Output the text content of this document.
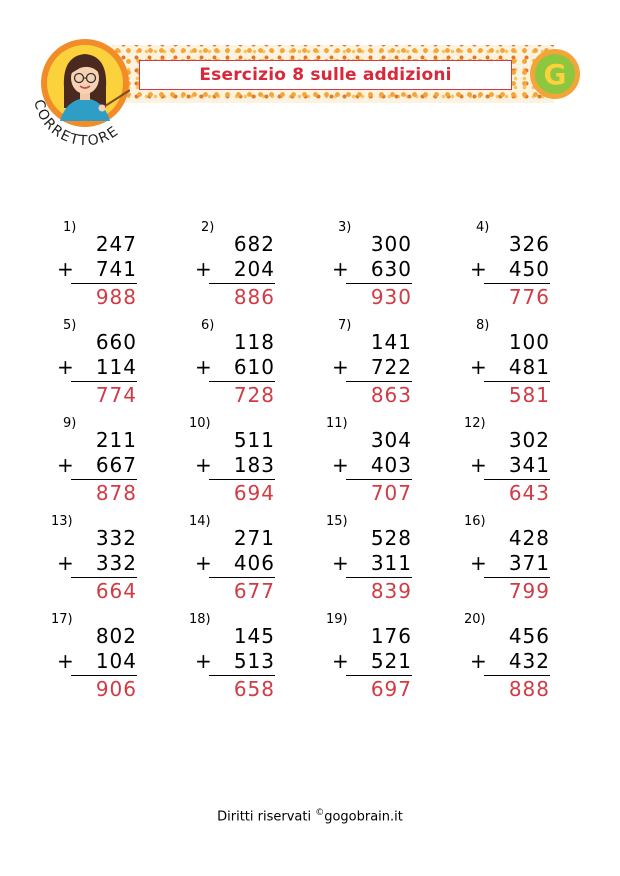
Esercizio 8 sulle addizioni
CORRETTORE
G
1)
247
+ 741
988
2)
682
+ 204
886
3)
300
+ 630
930
4)
326
+ 450
776
5)
660
+ 114
774
6)
118
+ 610
728
7)
141
+ 722
863
8)
100
+ 481
581
9)
211
+ 667
878
10)
511
+ 183
694
11)
304
+ 403
707
12)
302
+ 341
643
13)
332
+ 332
664
14)
271
+ 406
677
15)
528
+ 311
839
16)
428
+ 371
799
17)
802
+ 104
906
18)
145
+ 513
658
19)
176
+ 521
697
20)
456
+ 432
888
Diritti riservati ©gogobrain.it
